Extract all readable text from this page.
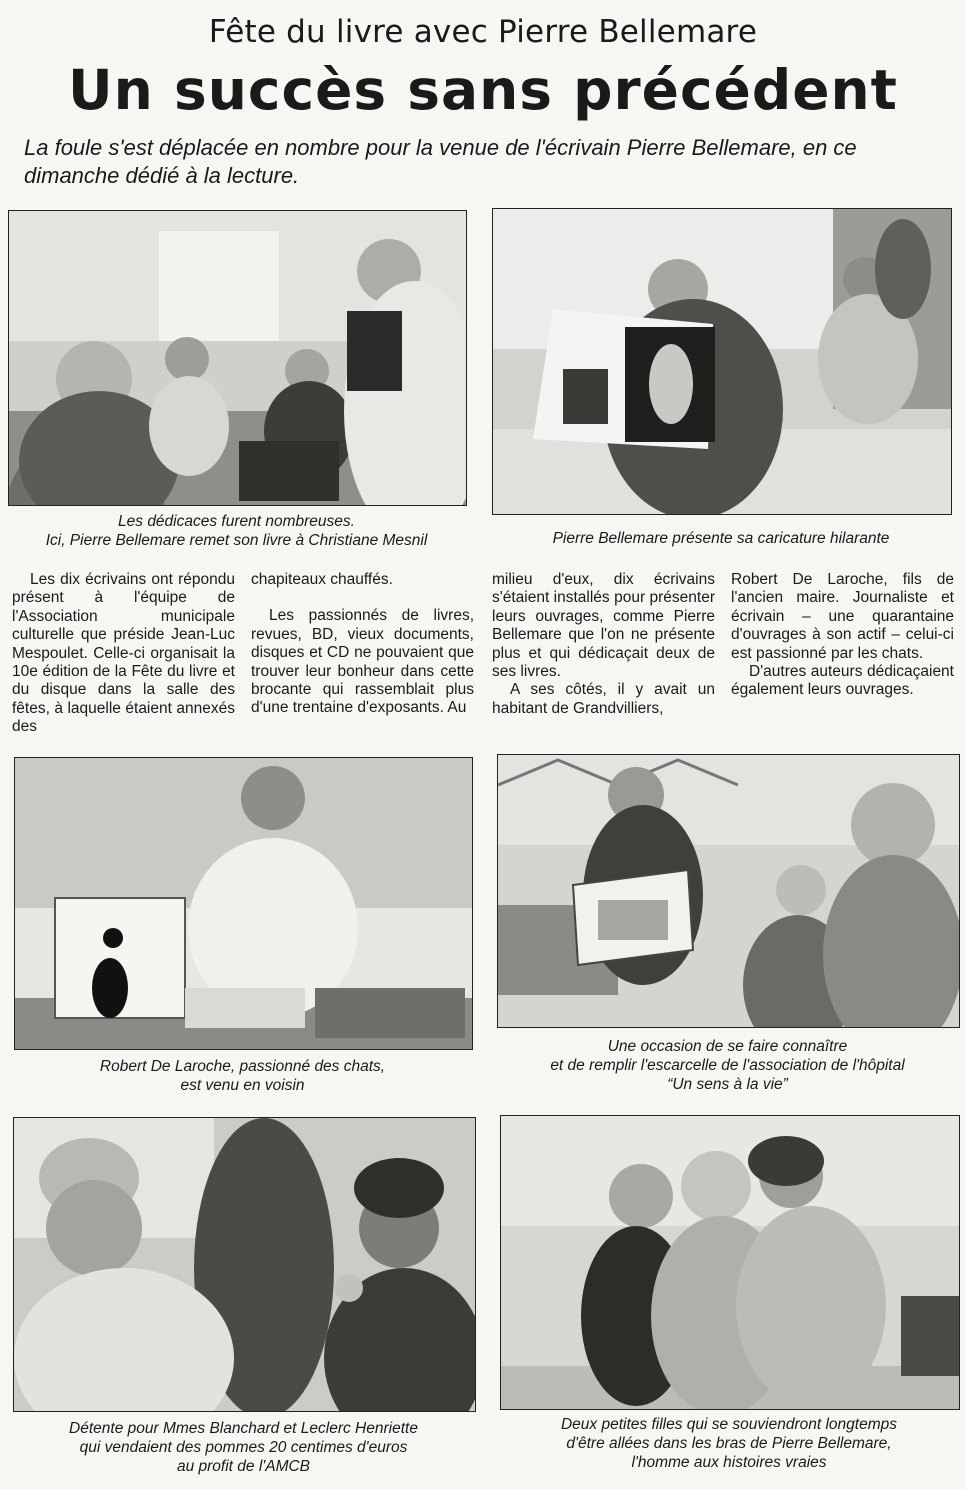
Fête du livre avec Pierre Bellemare
Un succès sans précédent
La foule s'est déplacée en nombre pour la venue de l'écrivain Pierre Bellemare, en ce dimanche dédié à la lecture.
Les dédicaces furent nombreuses.
Ici, Pierre Bellemare remet son livre à Christiane Mesnil	Pierre Bellemare présente sa caricature hilarante

Les dix écrivains ont répondu présent à l'équipe de l'Association municipale culturelle que préside Jean-Luc Mespoulet. Celle-ci organisait la 10e édition de la Fête du livre et du disque dans la salle des fêtes, à laquelle étaient annexés des

chapiteaux chauffés.

Les passionnés de livres, revues, BD, vieux documents, disques et CD ne pouvaient que trouver leur bonheur dans cette brocante qui rassemblait plus d'une trentaine d'exposants. Au

milieu d'eux, dix écrivains s'étaient installés pour présenter leurs ouvrages, comme Pierre Bellemare que l'on ne présente plus et qui dédicaçait deux de ses livres.

A ses côtés, il y avait un habitant de Grandvilliers,

Robert De Laroche, fils de l'ancien maire. Journaliste et écrivain – une quarantaine d'ouvrages à son actif – celui-ci est passionné par les chats.

D'autres auteurs dédicaçaient également leurs ouvrages.

Robert De Laroche, passionné des chats,
est venu en voisin
Une occasion de se faire connaître
et de remplir l'escarcelle de l'association de l'hôpital
“Un sens à la vie”
Détente pour Mmes Blanchard et Leclerc Henriette
qui vendaient des pommes 20 centimes d'euros
au profit de l'AMCB
Deux petites filles qui se souviendront longtemps
d'être allées dans les bras de Pierre Bellemare,
l'homme aux histoires vraies
